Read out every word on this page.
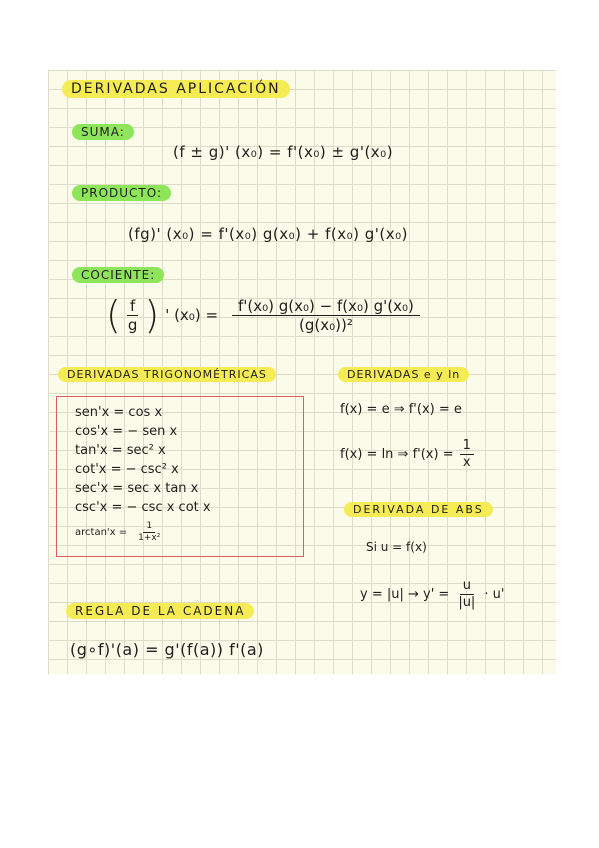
DERIVADAS APLICACIÓN
SUMA:
(f ± g)' (x₀) = f'(x₀) ± g'(x₀)
PRODUCTO:
(fg)' (x₀) = f'(x₀) g(x₀) + f(x₀) g'(x₀)
COCIENTE:
( $\frac{f}{g}$ ) ' $(x_0) = \frac{\text{f'(x₀) g(x₀) − f(x₀) g'(x₀)}}{\text{(g(x₀))²}}$
DERIVADAS TRIGONOMÉTRICAS
sen'x = cos x
cos'x = − sen x
tan'x = sec² x
cot'x = − csc² x
sec'x = sec x tan x
csc'x = − csc x cot x
$\arctan'x = \frac{1}{\text{1+x²}}$
DERIVADAS e y ln
f(x) = e ⇒ f'(x) = e
f(x) = ln ⇒ $f'(x) = \frac{1}{x}$
DERIVADA DE ABS
Si u = f(x)
$y = |u| \to y' = \frac{u}{|u|} \cdot u'$
REGLA DE LA CADENA
(g∘f)'(a) = g'(f(a)) f'(a)
